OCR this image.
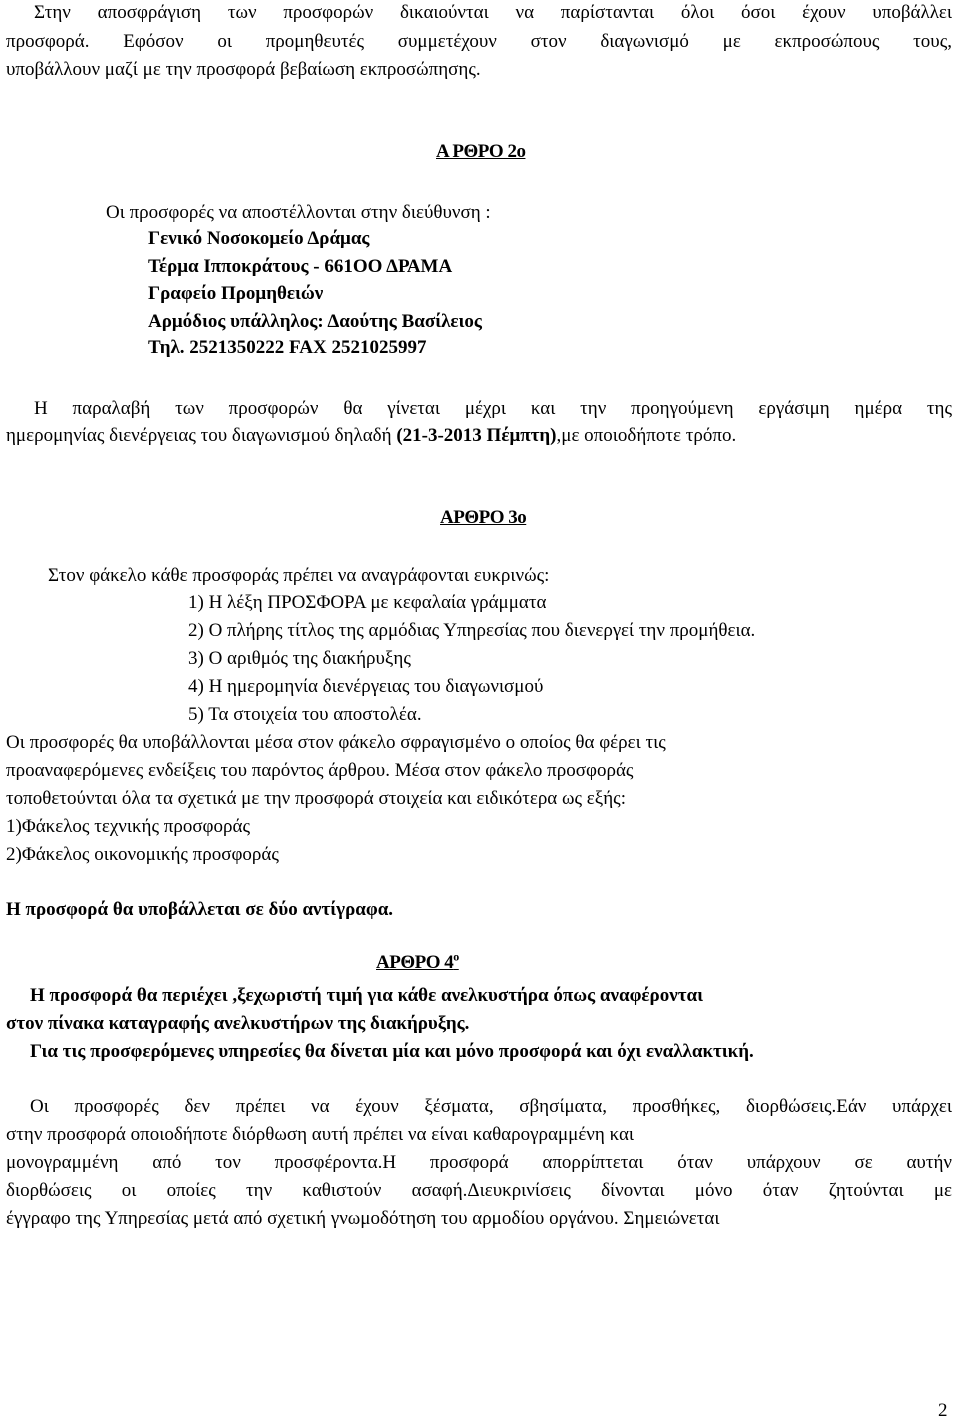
Στην αποσφράγιση των προσφορών δικαιούνται να παρίστανται όλοι όσοι έχουν υποβάλλει
προσφορά. Εφόσον οι προμηθευτές συμμετέχουν στον διαγωνισμό με εκπροσώπους τους,
υποβάλλουν μαζί με την προσφορά βεβαίωση εκπροσώπησης.
Α ΡΘΡΟ 2ο
Οι προσφορές να αποστέλλονται στην διεύθυνση :
Γενικό Νοσοκομείο Δράμας
Τέρμα Ιπποκράτους - 661ΟΟ ΔΡΑΜΑ
Γραφείο Προμηθειών
Αρμόδιος υπάλληλος: Δαούτης Βασίλειος
Τηλ. 2521350222 FAX 2521025997
Η παραλαβή των προσφορών θα γίνεται μέχρι και την προηγούμενη εργάσιμη ημέρα της
ημερομηνίας διενέργειας του διαγωνισμού δηλαδή (21-3-2013 Πέμπτη),με οποιοδήποτε τρόπο.
ΑΡΘΡΟ 3ο
Στον φάκελο κάθε προσφοράς πρέπει να αναγράφονται ευκρινώς:
1) Η λέξη ΠΡΟΣΦΟΡΑ με κεφαλαία γράμματα
2) Ο πλήρης τίτλος της αρμόδιας Υπηρεσίας που διενεργεί την προμήθεια.
3) Ο αριθμός της διακήρυξης
4) Η ημερομηνία διενέργειας του διαγωνισμού
5) Τα στοιχεία του αποστολέα.
Οι προσφορές θα υποβάλλονται μέσα στον φάκελο σφραγισμένο ο οποίος θα φέρει τις
προαναφερόμενες ενδείξεις του παρόντος άρθρου. Μέσα στον φάκελο προσφοράς
τοποθετούνται όλα τα σχετικά με την προσφορά στοιχεία και ειδικότερα ως εξής:
1)Φάκελος τεχνικής προσφοράς
2)Φάκελος οικονομικής προσφοράς
Η προσφορά θα υποβάλλεται σε δύο αντίγραφα.
ΑΡΘΡΟ $4^o$
Η προσφορά θα περιέχει ,ξεχωριστή τιμή για κάθε ανελκυστήρα όπως αναφέρονται
στον πίνακα καταγραφής ανελκυστήρων της διακήρυξης.
Για τις προσφερόμενες υπηρεσίες θα δίνεται μία και μόνο προσφορά και όχι εναλλακτική.
Οι προσφορές δεν πρέπει να έχουν ξέσματα, σβησίματα, προσθήκες, διορθώσεις.Εάν υπάρχει
στην προσφορά οποιοδήποτε διόρθωση αυτή πρέπει να είναι καθαρογραμμένη και
μονογραμμένη από τον προσφέροντα.Η προσφορά απορρίπτεται όταν υπάρχουν σε αυτήν
διορθώσεις οι οποίες την καθιστούν ασαφή.Διευκρινίσεις δίνονται μόνο όταν ζητούνται με
έγγραφο της Υπηρεσίας μετά από σχετική γνωμοδότηση του αρμοδίου οργάνου. Σημειώνεται
2
